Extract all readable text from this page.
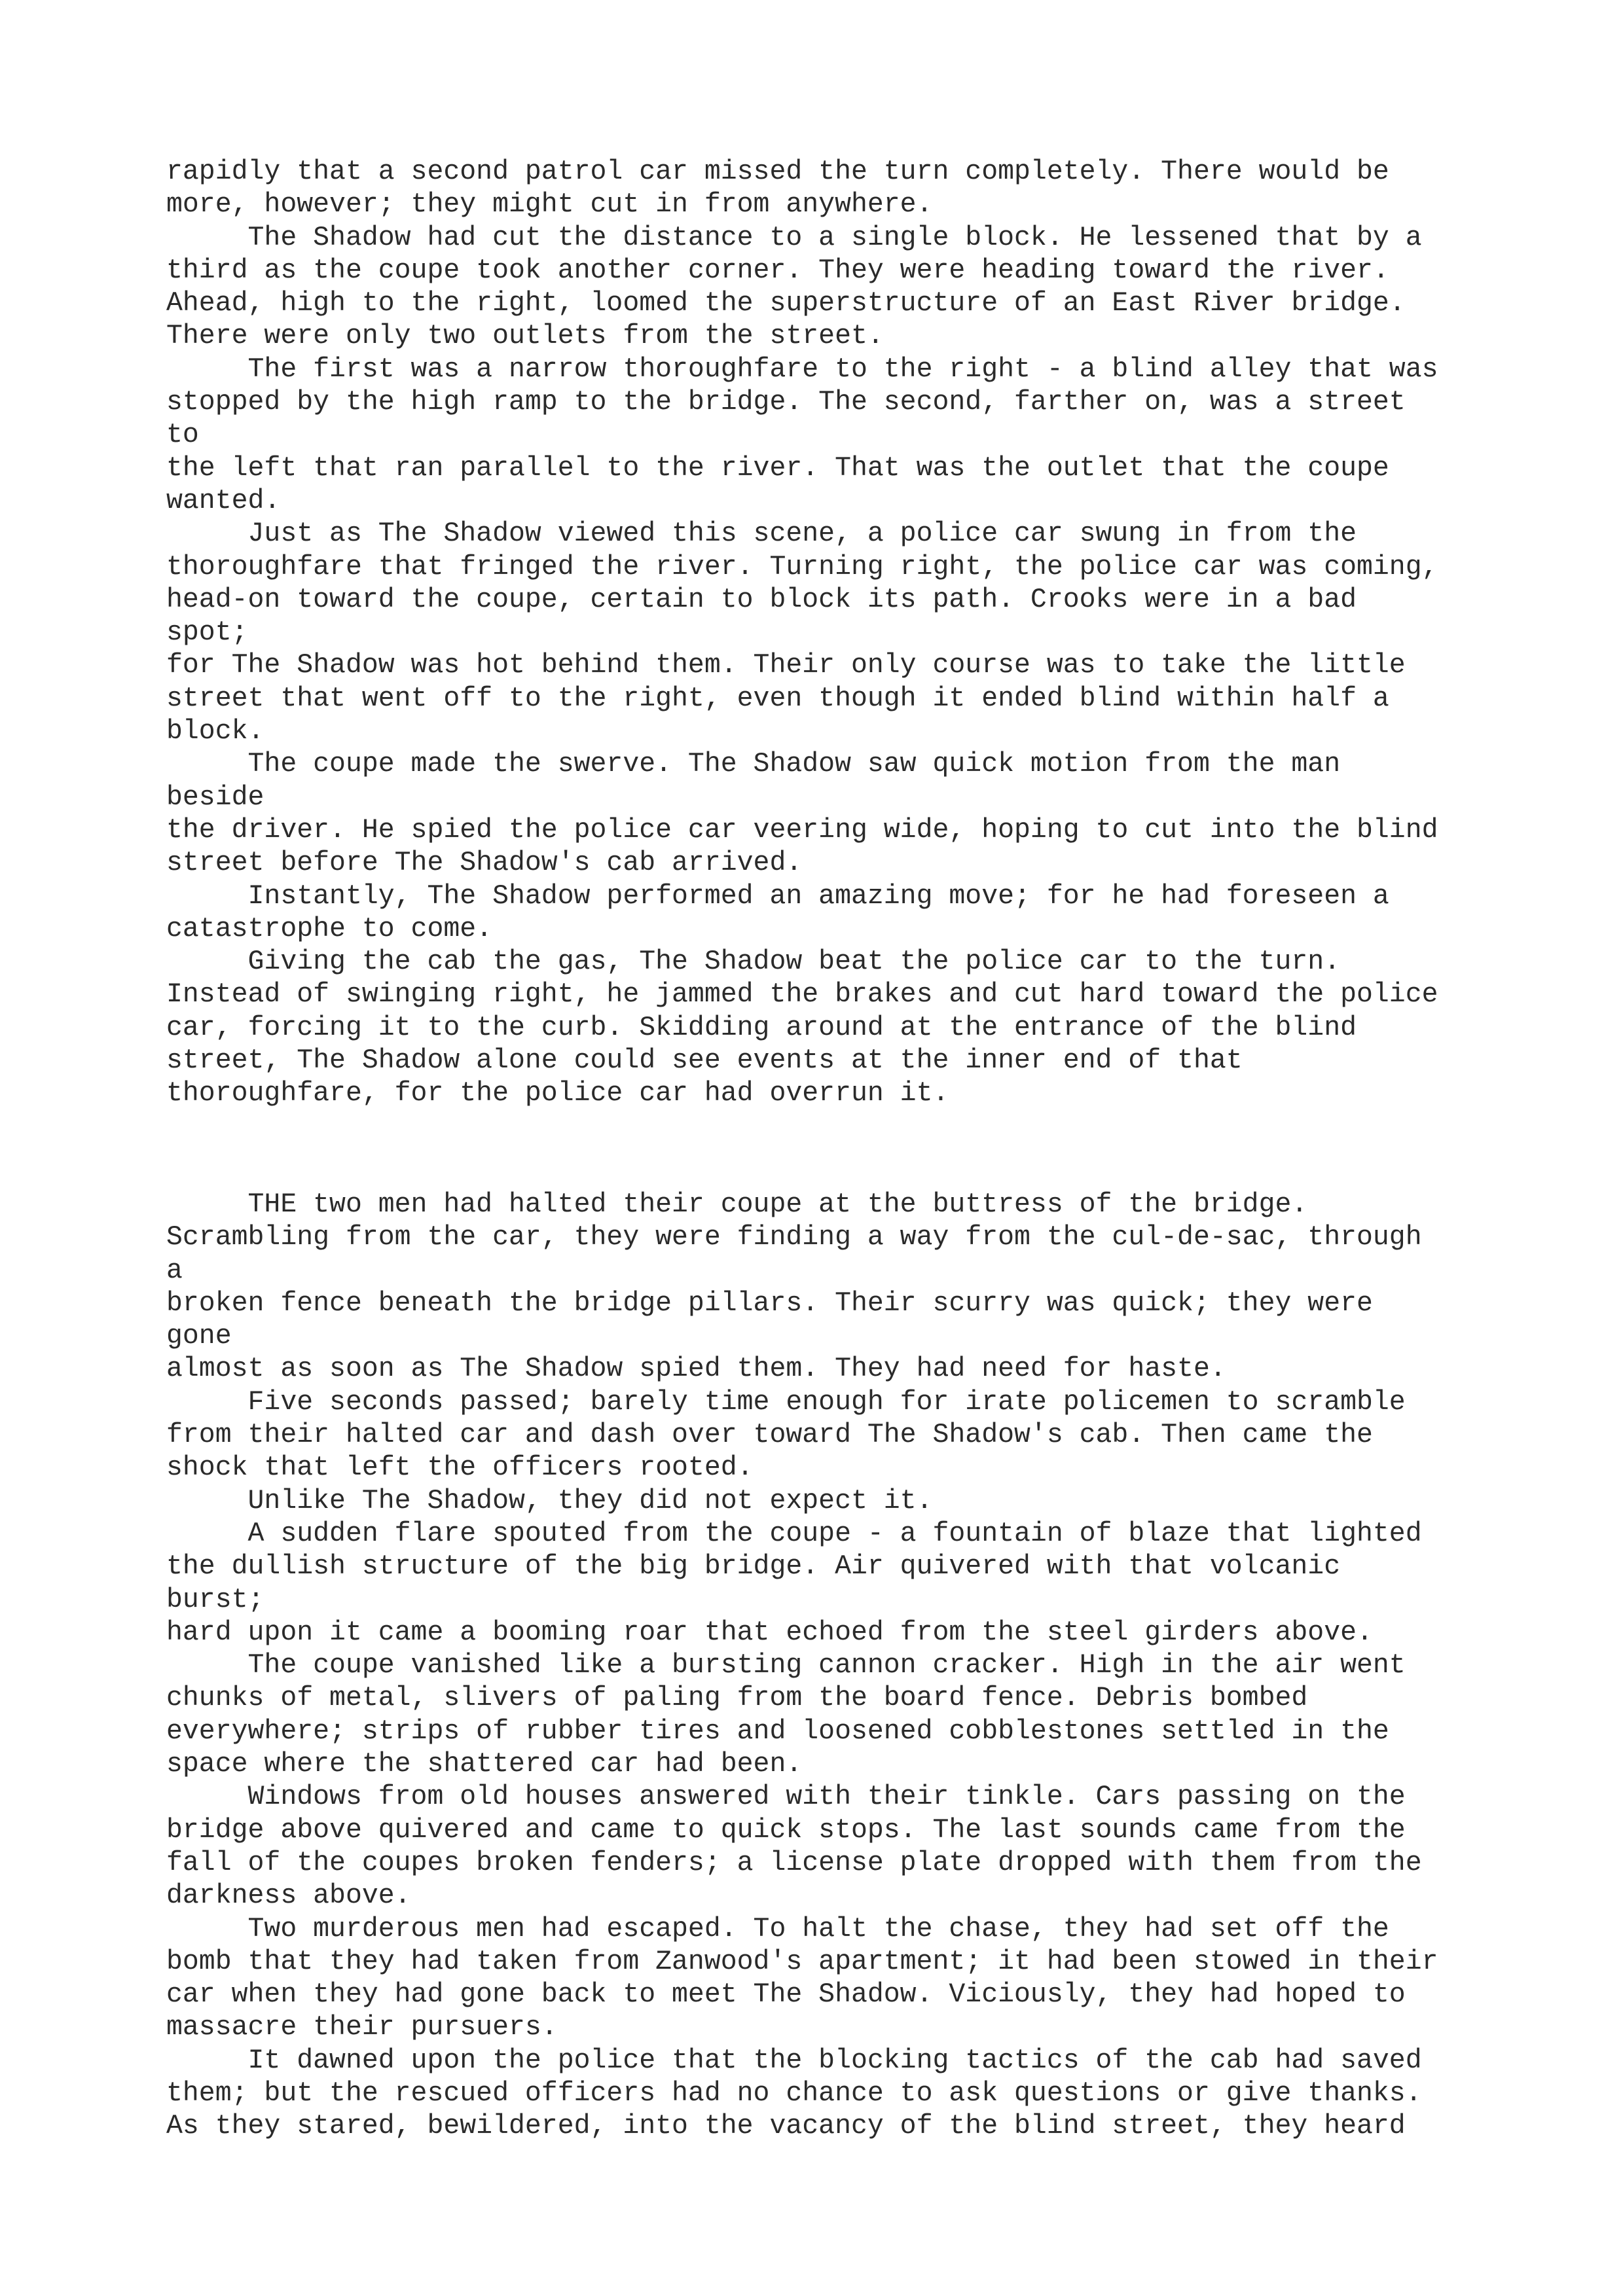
rapidly that a second patrol car missed the turn completely. There would be
more, however; they might cut in from anywhere.
The Shadow had cut the distance to a single block. He lessened that by a
third as the coupe took another corner. They were heading toward the river.
Ahead, high to the right, loomed the superstructure of an East River bridge.
There were only two outlets from the street.
The first was a narrow thoroughfare to the right - a blind alley that was
stopped by the high ramp to the bridge. The second, farther on, was a street
to
the left that ran parallel to the river. That was the outlet that the coupe
wanted.
Just as The Shadow viewed this scene, a police car swung in from the
thoroughfare that fringed the river. Turning right, the police car was coming,
head-on toward the coupe, certain to block its path. Crooks were in a bad
spot;
for The Shadow was hot behind them. Their only course was to take the little
street that went off to the right, even though it ended blind within half a
block.
The coupe made the swerve. The Shadow saw quick motion from the man
beside
the driver. He spied the police car veering wide, hoping to cut into the blind
street before The Shadow's cab arrived.
Instantly, The Shadow performed an amazing move; for he had foreseen a
catastrophe to come.
Giving the cab the gas, The Shadow beat the police car to the turn.
Instead of swinging right, he jammed the brakes and cut hard toward the police
car, forcing it to the curb. Skidding around at the entrance of the blind
street, The Shadow alone could see events at the inner end of that
thoroughfare, for the police car had overrun it.
THE two men had halted their coupe at the buttress of the bridge.
Scrambling from the car, they were finding a way from the cul-de-sac, through
a
broken fence beneath the bridge pillars. Their scurry was quick; they were
gone
almost as soon as The Shadow spied them. They had need for haste.
Five seconds passed; barely time enough for irate policemen to scramble
from their halted car and dash over toward The Shadow's cab. Then came the
shock that left the officers rooted.
Unlike The Shadow, they did not expect it.
A sudden flare spouted from the coupe - a fountain of blaze that lighted
the dullish structure of the big bridge. Air quivered with that volcanic
burst;
hard upon it came a booming roar that echoed from the steel girders above.
The coupe vanished like a bursting cannon cracker. High in the air went
chunks of metal, slivers of paling from the board fence. Debris bombed
everywhere; strips of rubber tires and loosened cobblestones settled in the
space where the shattered car had been.
Windows from old houses answered with their tinkle. Cars passing on the
bridge above quivered and came to quick stops. The last sounds came from the
fall of the coupes broken fenders; a license plate dropped with them from the
darkness above.
Two murderous men had escaped. To halt the chase, they had set off the
bomb that they had taken from Zanwood's apartment; it had been stowed in their
car when they had gone back to meet The Shadow. Viciously, they had hoped to
massacre their pursuers.
It dawned upon the police that the blocking tactics of the cab had saved
them; but the rescued officers had no chance to ask questions or give thanks.
As they stared, bewildered, into the vacancy of the blind street, they heard
